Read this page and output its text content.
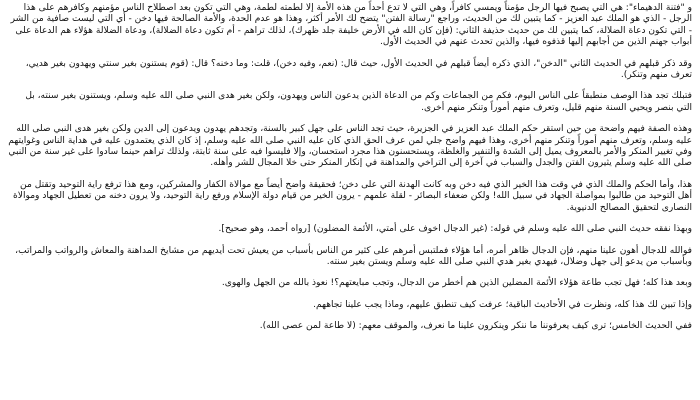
و "فتنة الدهيماء": هي التي يصبح فيها الرجل مؤمناً ويمسي كافراً، وهي التي لا تدع أحداً من هذه الأمة إلا لطمته لطمة، وهي التي تكون بعد اصطلاح الناس مؤمنهم وكافرهم على هذا الرجل - الذي هو الملك عبد العزيز - كما يتبين لك من الحديث، وراجع "رسالة الفتن" يتضح لك الأمر أكثر، وهذا هو عدم الحدة، والأمة الصالحة فيها دخن - أي التي ليست صافية من الشر - التي تكون دعاة الضلالة، كما يتبين لك من حديث حذيفة الثاني: (فإن كان الله في الأرض خليفة جلد ظهرك)، لذلك تراهم - أم تكون دعاة الضلالة)، ودعاة الضلالة هؤلاء هم الدعاة على أبواب جهنم الذين من أجابهم إليها قذفوه فيها، والذين تحدث عنهم في الحديث الأول.

وقد ذكر قبلهم في الحديث الثاني "الدخن"، الذي ذكره أيضاً قبلهم في الحديث الأول، حيث قال: (نعم، وفيه دخن)، قلت: وما دخنه؟ قال: (قوم يستنون بغير سنتي ويهدون بغير هديي، تعرف منهم وتنكر).

فتبلك تجد هذا الوصف منطبقاً على الناس اليوم، فكم من الجماعات وكم من الدعاة الذين يدعون الناس ويهدون، ولكن بغير هدى النبي صلى الله عليه وسلم، ويستنون بغير سنته، بل التي بنصر ويحيي السنة منهم قليل، وتعرف منهم أموراً وتنكر منهم أخرى.

وهذه الصفة فيهم واضحة من حين استقر حكم الملك عبد العزيز في الجزيرة، حيث تجد الناس على جهل كبير بالسنة، وتجدهم يهدون ويدعون إلى الدين ولكن بغير هدى النبي صلى الله عليه وسلم، وتعرف منهم أموراً وتنكر منهم أخرى، وهذا فيهم واضح جلي لمن عرف الحق الذي كان عليه النبي صلى الله عليه وسلم، إذ كان الذي يعتمدون عليه في هداية الناس وغوايتهم وفي تغيير المنكر والأمر بالمعروف يميل إلى الشدة والتنفير والغلظة، ويستحسنون هذا مجرد استحسان، وإلا فليسوا فيه على سنة ثابتة، ولذلك تراهم حينما سادوا على غير سنة من النبي صلى الله عليه وسلم يثيرون الفتن والجدل والسباب في آخرة إلى التراخي والمداهنة في إنكار المنكر حتى خلا المجال للشر وأهله.

هذا، وأما الحكم والملك الذي في وقت هذا الخير الذي فيه دخن وبه كانت الهدنة التي على دخن؛ فحقيقة واضح أيضاً مع موالاة الكفار والمشركين، ومع هذا ترفع راية التوحيد وتقتل من أهل التوحيد من طالبوا بمواصلة الجهاد في سبيل الله! ولكن ضعفاء البصائر - لقلة علمهم - يرون الخير من قيام دولة الإسلام ورفع راية التوحيد، ولا يرون دخنه من تعطيل الجهاد وموالاة النصارى لتحقيق المصالح الدنيوية.

وبهذا نفقه حديث النبي صلى الله عليه وسلم في قوله: (غير الدجال اخوف على أمتي، الأئمة المضلون) [رواه أحمد، وهو صحيح].

فوالله للدجال أهون علينا منهم، فإن الدجال ظاهر أمره، أما هؤلاء فملتبس أمرهم على كثير من الناس بأسباب من يعيش تحت أيديهم من مشايخ المداهنة والمعاش والرواتب والمراتب، وبأسباب من يدعو إلى جهل وضلال، فيهدي بغير هدي النبي صلى الله عليه وسلم ويستن بغير سنته.

وبعد هذا كله؛ فهل تجب طاعة هؤلاء الأئمة المضلين الذين هم أخطر من الدجال، وتجب مبايعتهم؟! نعوذ بالله من الجهل والهوى.

وإذا تبين لك هذا كله، ونظرت في الأحاديث الباقية؛ عرفت كيف تنطبق عليهم، وماذا يجب علينا تجاههم.

ففي الحديث الخامس؛ ترى كيف يعرفوننا ما ننكر وينكرون علينا ما نعرف، والموقف معهم: (لا طاعة لمن عصى الله).
